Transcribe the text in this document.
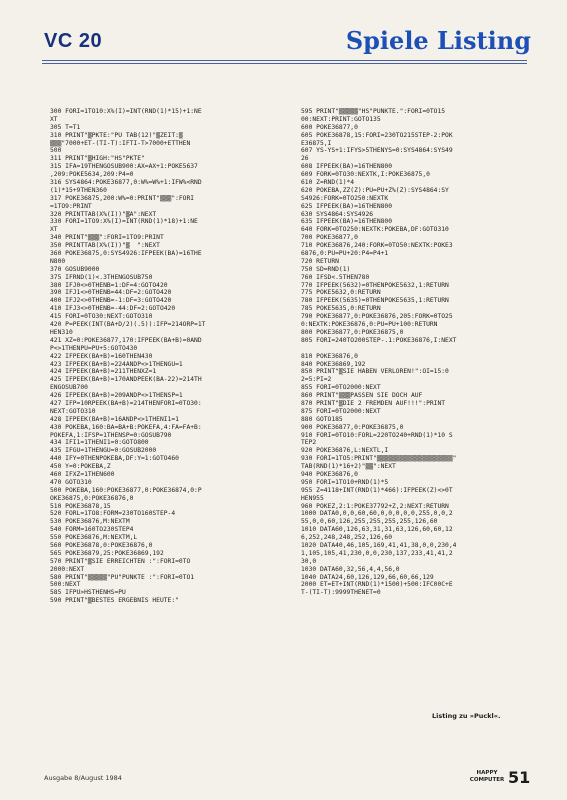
VC 20	Spiele Listing
300 FORI=1TO10:X%(I)=INT(RND(1)*15)+1:NE
XT
305 T=T1
310 PRINT"▒PKTE:"PU TAB(12)"▒ZEIT:▒
▒▒▒"7000+ET-(TI-T):IFTI-T>7000+ETTHEN
500
311 PRINT"▒HIGH:"HS"PKTE"
315 IFA=19THENGOSUB900:AX=AX+1:POKE5637
,209:POKE5634,209:P4=0
316 SYS4864:POKE36877,0:W%=W%+1:IFW%<RND
(1)*15+9THEN360
317 POKE36875,200:W%=0:PRINT"▒▒▒":FORI
=1TO9:PRINT
320 PRINTTAB(X%(I))"▒A":NEXT
330 FORI=1TO9:X%(I)=INT(RND(1)*18)+1:NE
XT
340 PRINT"▒▒▒":FORI=1TO9:PRINT
350 PRINTTAB(X%(I))"▒  ":NEXT
360 POKE36875,0:SYS4926:IFPEEK(BA)=16THE
N800
370 GOSUB9000
375 IFRND(1)<.3THENGOSUB750
380 IFJ0<>0THENB=1:DF=4:GOTO420
390 IFJ1<>0THENB=44:DF=2:GOTO420
400 IFJ2<>0THENB=-1:DF=3:GOTO420
410 IFJ3<>0THENB=-44:DF=2:GOTO420
415 FORI=0TO30:NEXT:GOTO310
420 P=PEEK(INT(BA+D/2)(.5)):IFP=214ORP=1T
HEN310
421 XZ=0:POKE36877,170:IFPEEK(BA+B)=0AND
P<>1THENPU=PU+5:GOTO430
422 IFPEEK(BA+B)=160THEN430
423 IFPEEK(BA+B)=224ANDP<>1THENGU=1
424 IFPEEK(BA+B)=211THENXZ=1
425 IFPEEK(BA+B)=170ANDPEEK(BA-22)=214TH
ENGOSUB700
426 IFPEEK(BA+B)=209ANDP<>1THENSP=1
427 IFP=10RPEEK(BA+B)=214THENFORI=0TO30:
NEXT:GOTO310
428 IFPEEK(BA+B)=16ANDP<>1THENI1=1
430 POKEBA,160:BA=BA+B:POKEFA,4:FA=FA+B:
POKEFA,1:IFSP=1THENSP=0:GOSUB790
434 IFI1=1THENI1=0:GOTO800
435 IFGU=1THENGU=0:GOSUB2000
440 IFY=0THENPOKEBA,DF:Y=1:GOTO460
450 Y=0:POKEBA,Z
460 IFXZ=1THEN600
470 GOTO310
500 POKEBA,160:POKE36877,0:POKE36874,0:P
OKE36875,0:POKE36876,0
510 POKE36878,15
520 FORL=1TO8:FORM=230TO160STEP-4
530 POKE36876,M:NEXTM
540 FORM=160TO230STEP4
550 POKE36876,M:NEXTM,L
560 POKE36878,0:POKE36876,0
565 POKE36879,25:POKE36869,192
570 PRINT"▒SIE ERREICHTEN :":FORI=0TO
2000:NEXT
580 PRINT"▒▒▒▒▒"PU"PUNKTE :":FORI=0TO1
500:NEXT
585 IFPU>HSTHENHS=PU
590 PRINT"▒BESTES ERGEBNIS HEUTE:"
595 PRINT"▒▒▒▒▒"HS"PUNKTE.":FORI=0TO15
00:NEXT:PRINT:GOTO135
600 POKE36877,0
605 POKE36878,15:FORI=230TO215STEP-2:POK
E36875,I
607 YS-YS+1:IFYS>5THENYS=0:SYS4864:SYS49
26
608 IFPEEK(BA)=16THEN800
609 FORK=0TO30:NEXTK,I:POKE36875,0
610 Z=RND(1)*4
620 POKEBA,ZZ(Z):PU=PU+Z%(Z):SYS4864:SY
S4926:FORK=0TO250:NEXTK
625 IFPEEK(BA)=16THEN800
630 SYS4864:SYS4926
635 IFPEEK(BA)=16THEN800
640 FORK=0TO250:NEXTK:POKEBA,DF:GOTO310
700 POKE36877,0
710 POKE36876,240:FORK=0TO50:NEXTK:POKE3
6876,0:PU=PU+20:P4=P4+1
720 RETURN
750 SD=RND(1)
760 IFSD<.5THEN780
770 IFPEEK(5632)=0THENPOKE5632,1:RETURN
775 POKE5632,0:RETURN
780 IFPEEK(5635)=0THENPOKE5635,1:RETURN
785 POKE5635,0:RETURN
790 POKE36877,0:POKE36876,205:FORK=0TO25
0:NEXTK:POKE36876,0:PU=PU+100:RETURN
800 POKE36877,0:POKE36875,0
805 FORI=240TO200STEP-.1:POKE36876,I:NEXT
810 POKE36876,0
840 POKE36869,192
850 PRINT"▒SIE HABEN VERLOREN!":OI=15:0
2=5:PI=2
855 FORI=0TO2000:NEXT
860 PRINT"▒▒▒PASSEN SIE DOCH AUF
870 PRINT"▒DIE 2 FREMDEN AUF!!!":PRINT
875 FORI=0TO2000:NEXT
880 GOTO185
900 POKE36877,0:POKE36875,0
910 FORI=0TO10:FORL=220TO240+RND(1)*10 S
TEP2
920 POKE36876,L:NEXTL,I
930 FORI=1TO5:PRINT"▒▒▒▒▒▒▒▒▒▒▒▒▒▒▒▒▒▒▒▒"
TAB(RND(1)*16+2)"▒▒":NEXT
940 POKE36876,0
950 FORI=1TO10+RND(1)*5
955 Z=4118+INT(RND(1)*466):IFPEEK(Z)<>0T
HEN955
960 POKEZ,2:1:POKE37792+Z,2:NEXT:RETURN
1000 DATA0,0,0,60,60,0,0,0,0,0,255,0,0,2
55,0,0,60,126,255,255,255,255,126,60
1010 DATA60,126,63,31,31,63,126,60,60,12
6,252,248,248,252,126,60
1020 DATA40,46,105,169,41,41,38,0,0,230,4
1,105,105,41,230,0,0,230,137,233,41,41,2
30,0
1030 DATA60,32,56,4,4,56,0
1040 DATA24,60,126,129,66,60,66,129
2000 ET=ET+INT(RND(1)*1500)+500:IFC00C+E
T-(TI-T):9999THENET=0
Listing zu »Puckl«.
Ausgabe 8/August 1984
HAPPY COMPUTER 51
